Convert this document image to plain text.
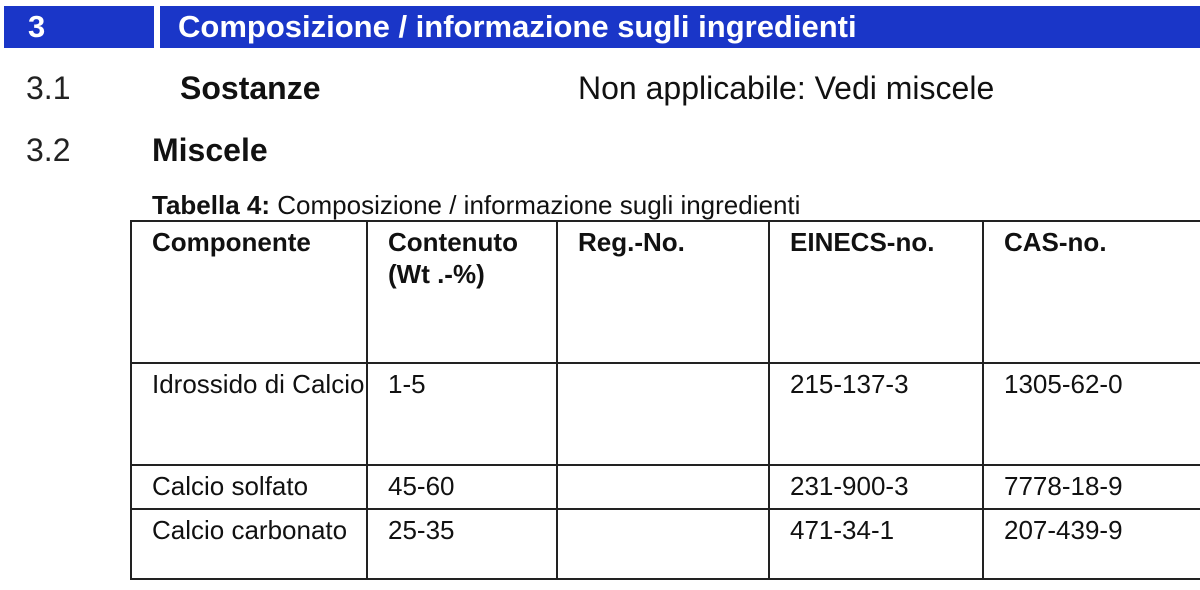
3	Composizione / informazione sugli ingredienti
3.1	Sostanze	Non applicabile: Vedi miscele
3.2	Miscele
Tabella 4: Composizione / informazione sugli ingredienti
Componente	Contenuto (Wt .-%)	Reg.-No.	EINECS-no.	CAS-no.
Idrossido di Calcio	1-5		215-137-3	1305-62-0
Calcio solfato	45-60		231-900-3	7778-18-9
Calcio carbonato	25-35		471-34-1	207-439-9
